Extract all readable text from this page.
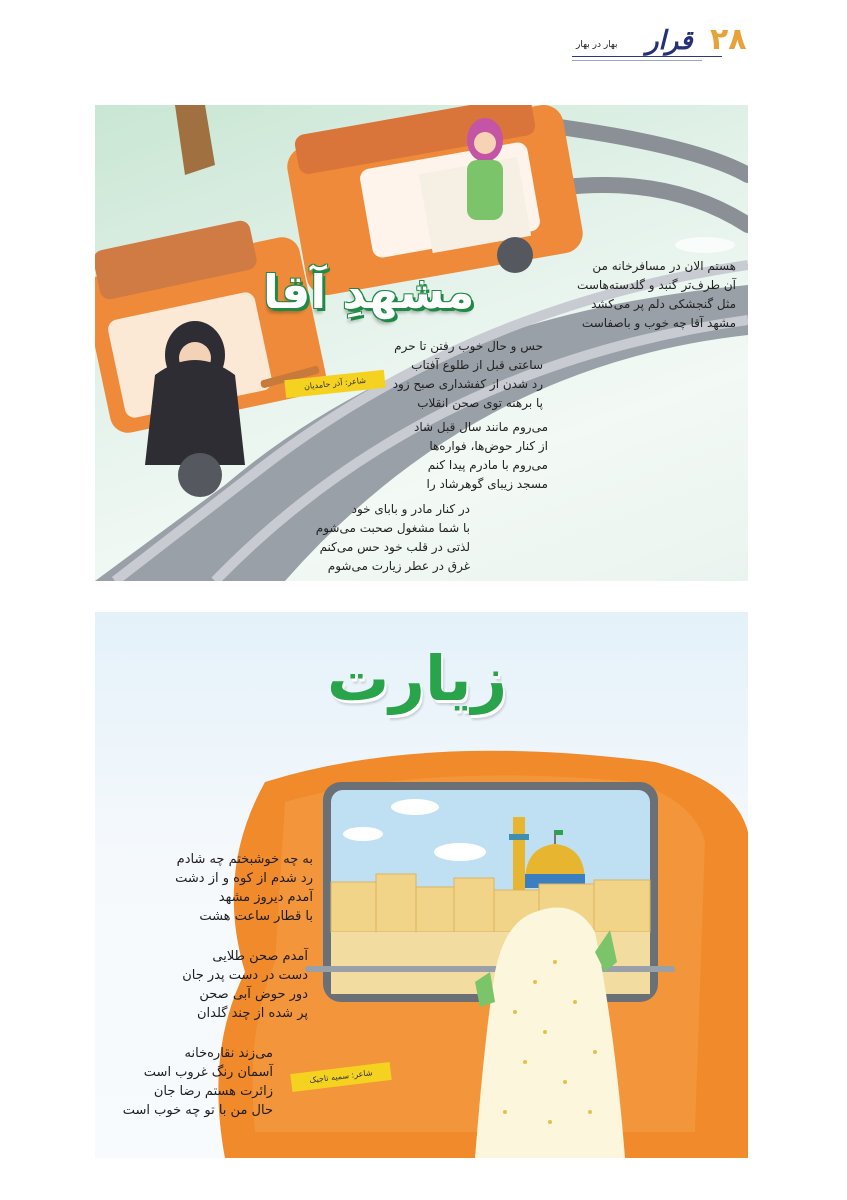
بهار در بهار قرار ۲۸
مشهدِ آقا
شاعر: آذر حامدیان
هستم الان در مسافرخانه من
آن طرف‌تر گنبد و گلدسته‌هاست
مثل گنجشکی دلم پر می‌کشد
مشهد آقا چه خوب و باصفاست
حس و حال خوب رفتن تا حرم
ساعتی قبل از طلوع آفتاب
رد شدن از کفشداری صبح زود
پا برهنه توی صحن انقلاب
می‌روم مانند سال قبل شاد
از کنار حوض‌ها، فواره‌ها
می‌روم با مادرم پیدا کنم
مسجد زیبای گوهرشاد را
در کنار مادر و بابای خود
با شما مشغول صحبت می‌شوم
لذتی در قلب خود حس می‌کنم
غرق در عطر زیارت می‌شوم
زیارت
شاعر: سمیه تاجیک
به چه خوشبختم چه شادم
رد شدم از کوه و از دشت
آمدم دیروز مشهد
با قطار ساعت هشت
آمدم صحن طلایی
دست در دست پدر جان
دور حوض آبی صحن
پر شده از چند گلدان
می‌زند نقاره‌خانه
آسمان رنگ غروب است
زائرت هستم رضا جان
حال من با تو چه خوب است
